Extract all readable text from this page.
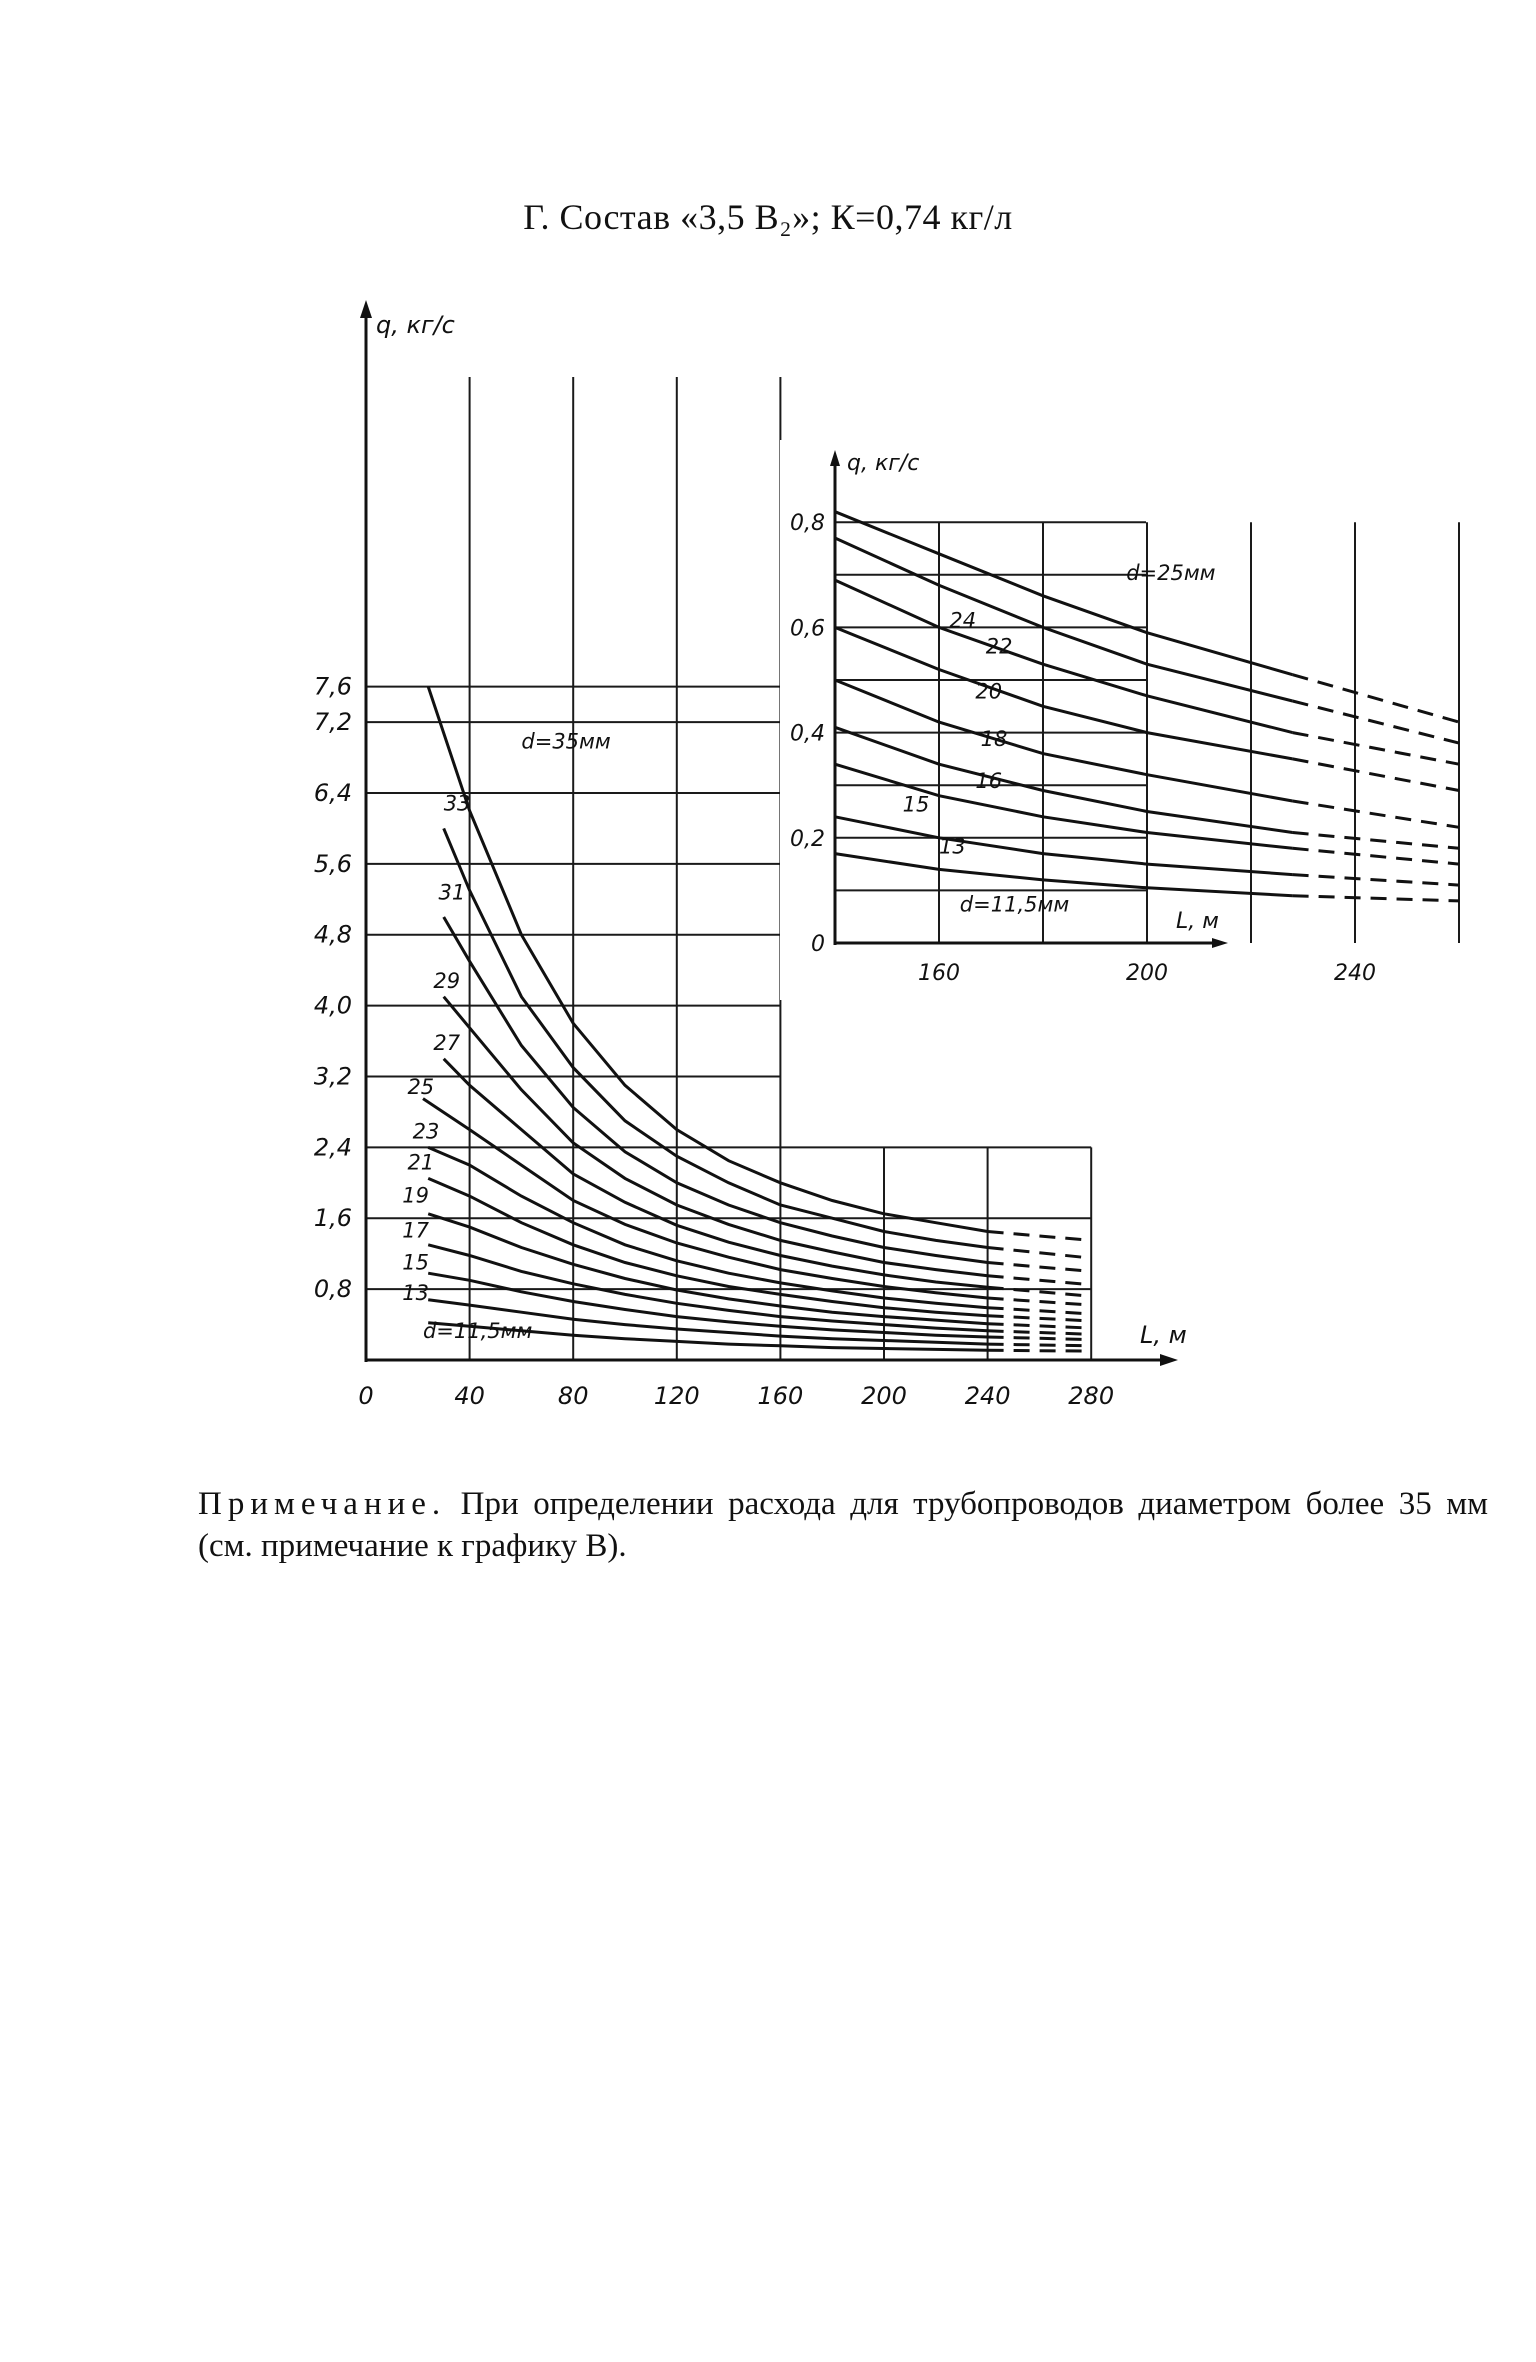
Г. Состав «3,5 В₂»; К=0,74 кг/л
7,6
7,2
6,4
5,6
4,8
4,0
3,2
2,4
1,6
0,8
0	40	80	120 160 200 240 280
q, кг/с
L, м
d=35мм
33
31
29
27
25
23
21
19
17
15
13
d=11,5мм
0,8
0,6
0,4
0,2
0
160	200	240
q, кг/с
L, м
d=25мм
24
22
20
18
16
15
13
d=11,5мм

Примечание. При определении расхода для трубопроводов диаметром более 35 мм (см. примечание к графику В).
